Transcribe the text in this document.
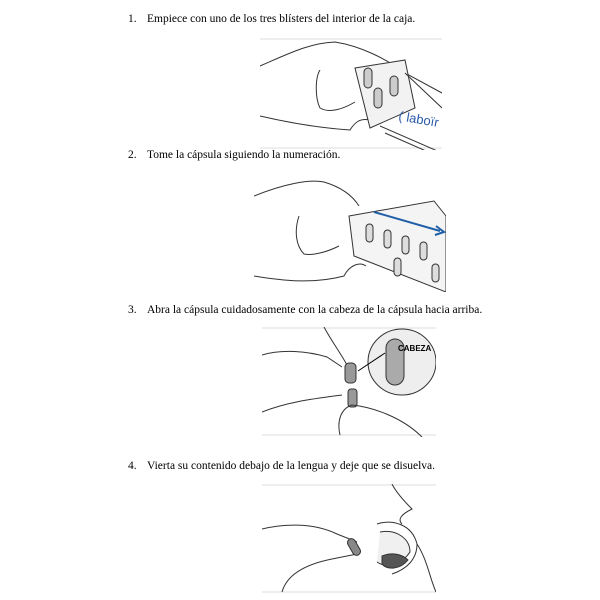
1. Empiece con uno de los tres blísters del interior de la caja.
( laboïr
2. Tome la cápsula siguiendo la numeración.
3. Abra la cápsula cuidadosamente con la cabeza de la cápsula hacia arriba.
CABEZA
4. Vierta su contenido debajo de la lengua y deje que se disuelva.
